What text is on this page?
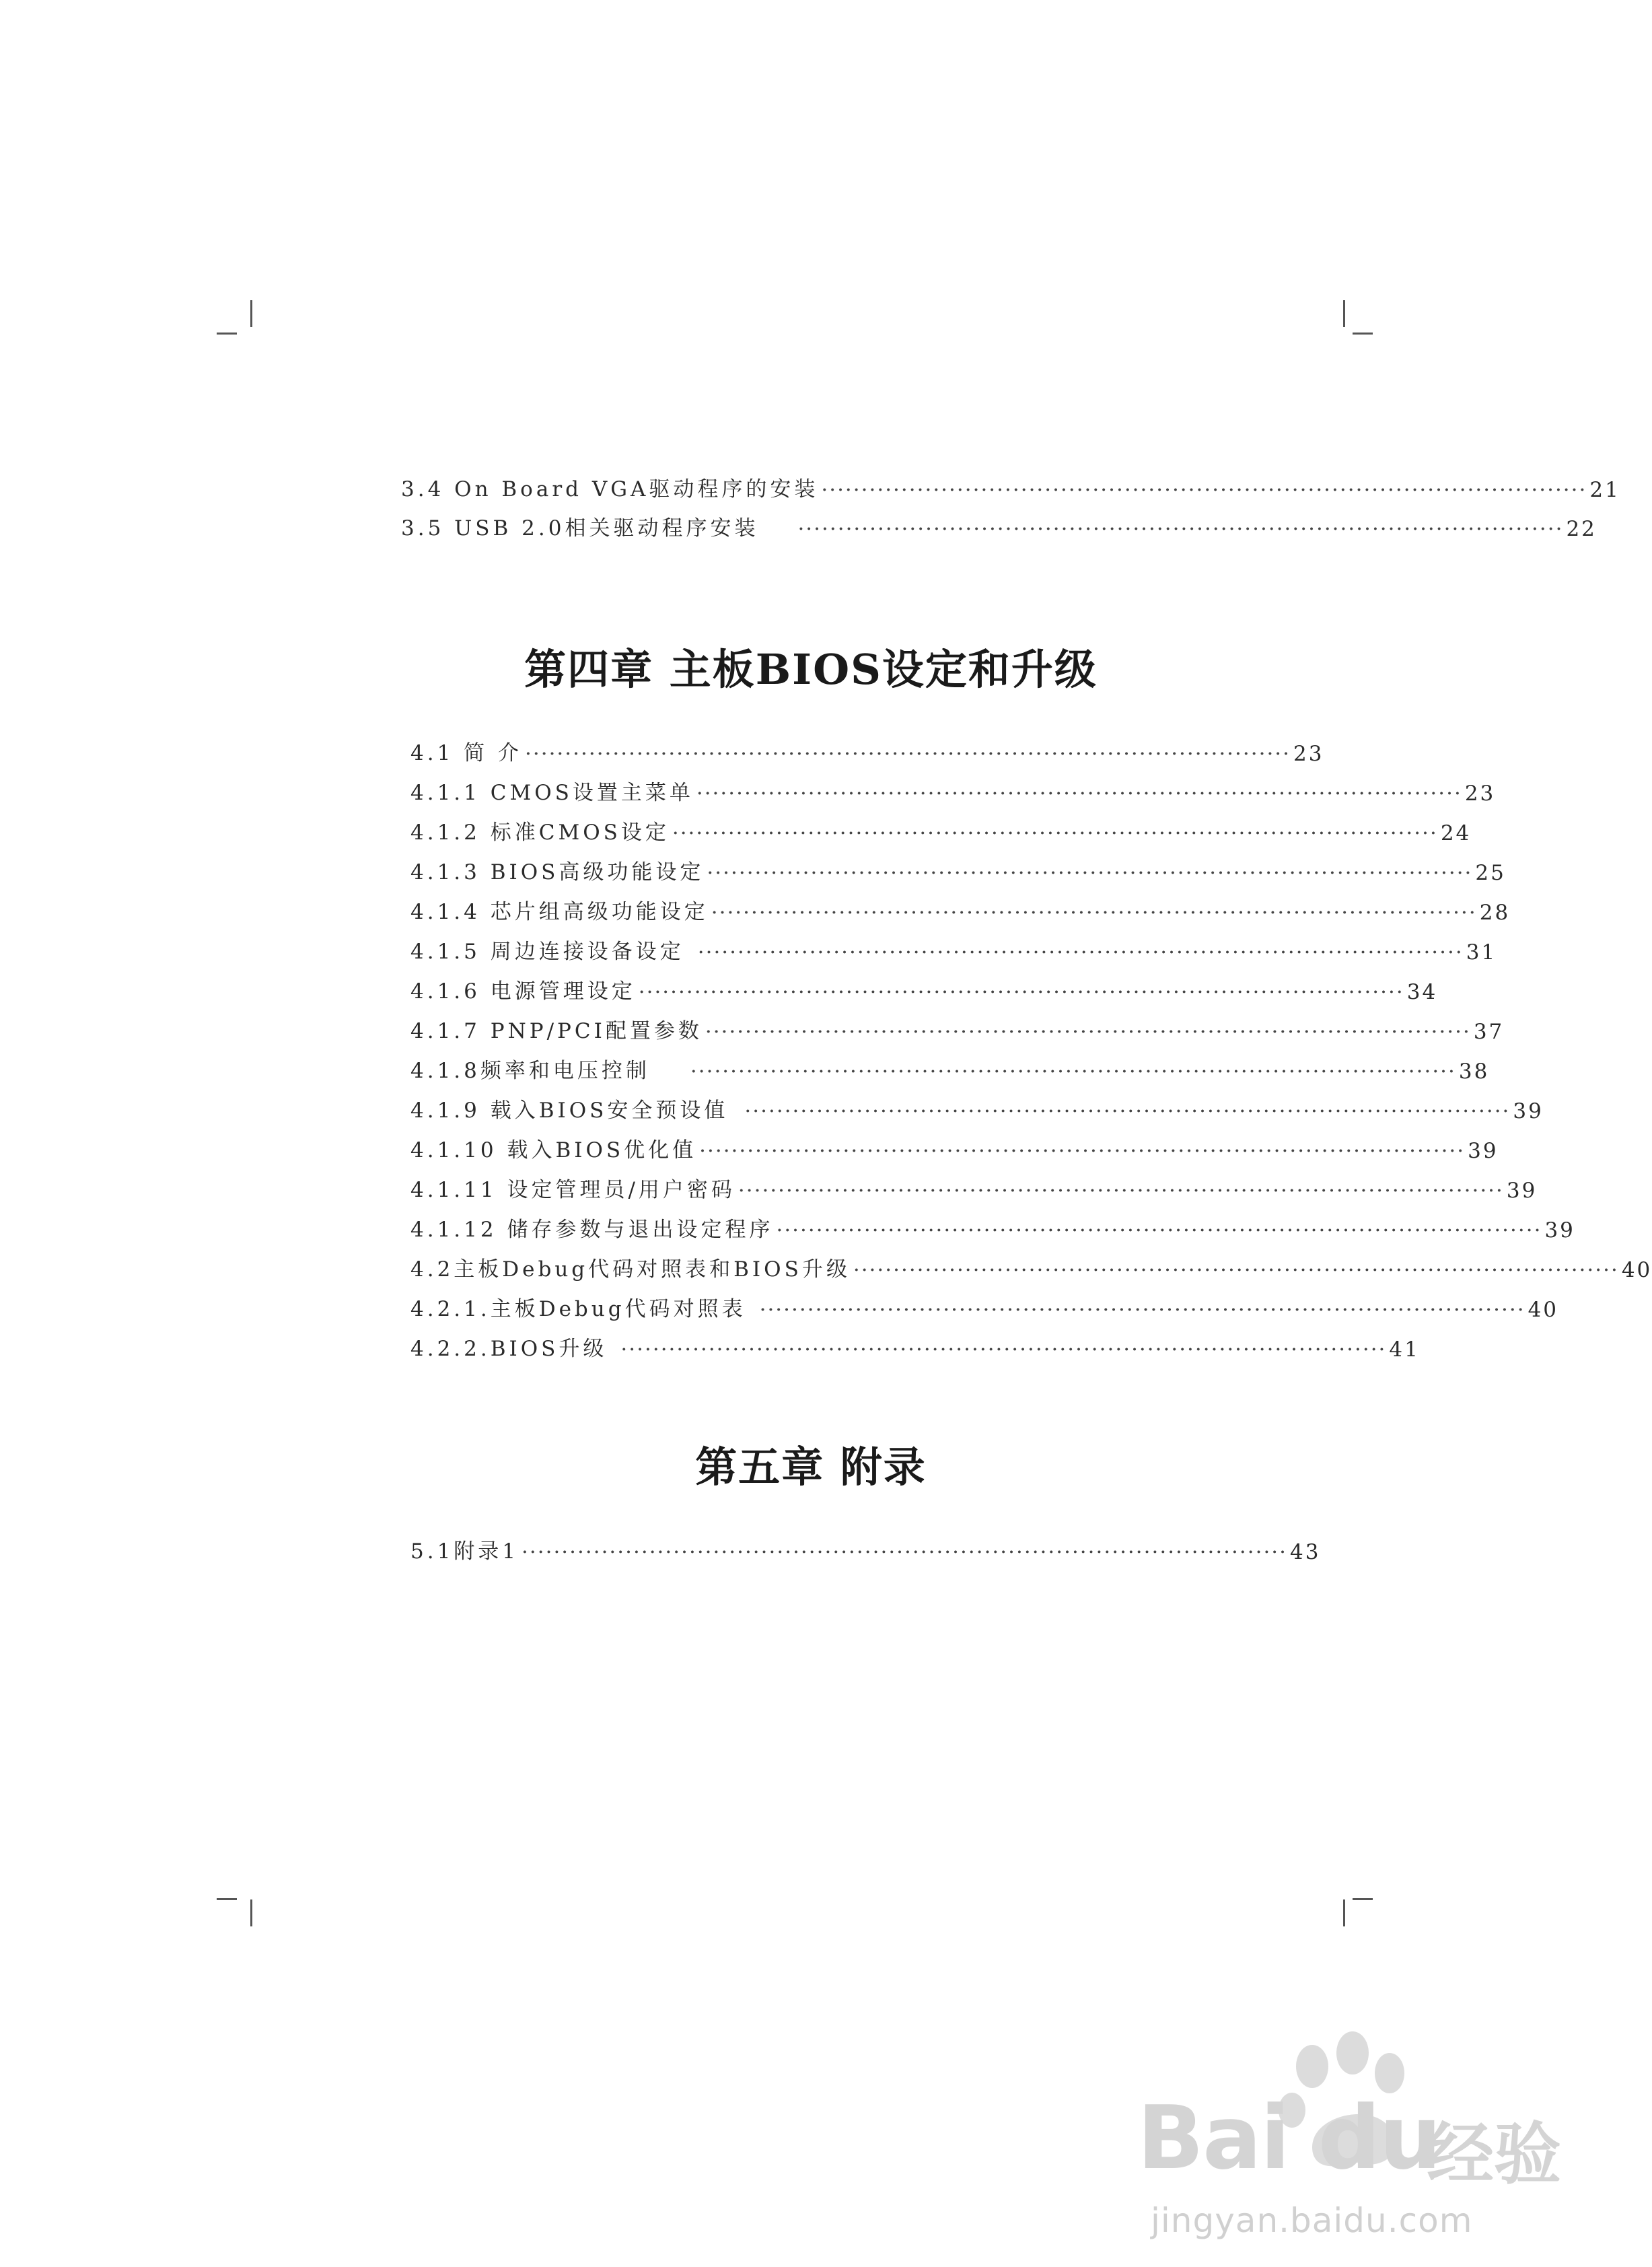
3.4 On Board VGA驱动程序的安装 ································································································ 21
3.5 USB 2.0相关驱动程序安装 ································································································ 22
第四章 主板BIOS设定和升级
4.1 简 介 ································································································ 23
4.1.1 CMOS设置主菜单 ································································································ 23
4.1.2 标准CMOS设定 ································································································ 24
4.1.3 BIOS高级功能设定 ································································································ 25
4.1.4 芯片组高级功能设定 ································································································ 28
4.1.5 周边连接设备设定 ································································································ 31
4.1.6 电源管理设定 ································································································ 34
4.1.7 PNP/PCI配置参数 ································································································ 37
4.1.8频率和电压控制 ································································································ 38
4.1.9 载入BIOS安全预设值 ································································································ 39
4.1.10 载入BIOS优化值 ································································································ 39
4.1.11 设定管理员/用户密码 ································································································ 39
4.1.12 储存参数与退出设定程序 ································································································ 39
4.2主板Debug代码对照表和BIOS升级 ································································································ 40
4.2.1.主板Debug代码对照表 ································································································ 40
4.2.2.BIOS升级 ································································································ 41
第五章 附录
5.1附录1 ································································································ 43
Bai du
经验
jingyan.baidu.com
